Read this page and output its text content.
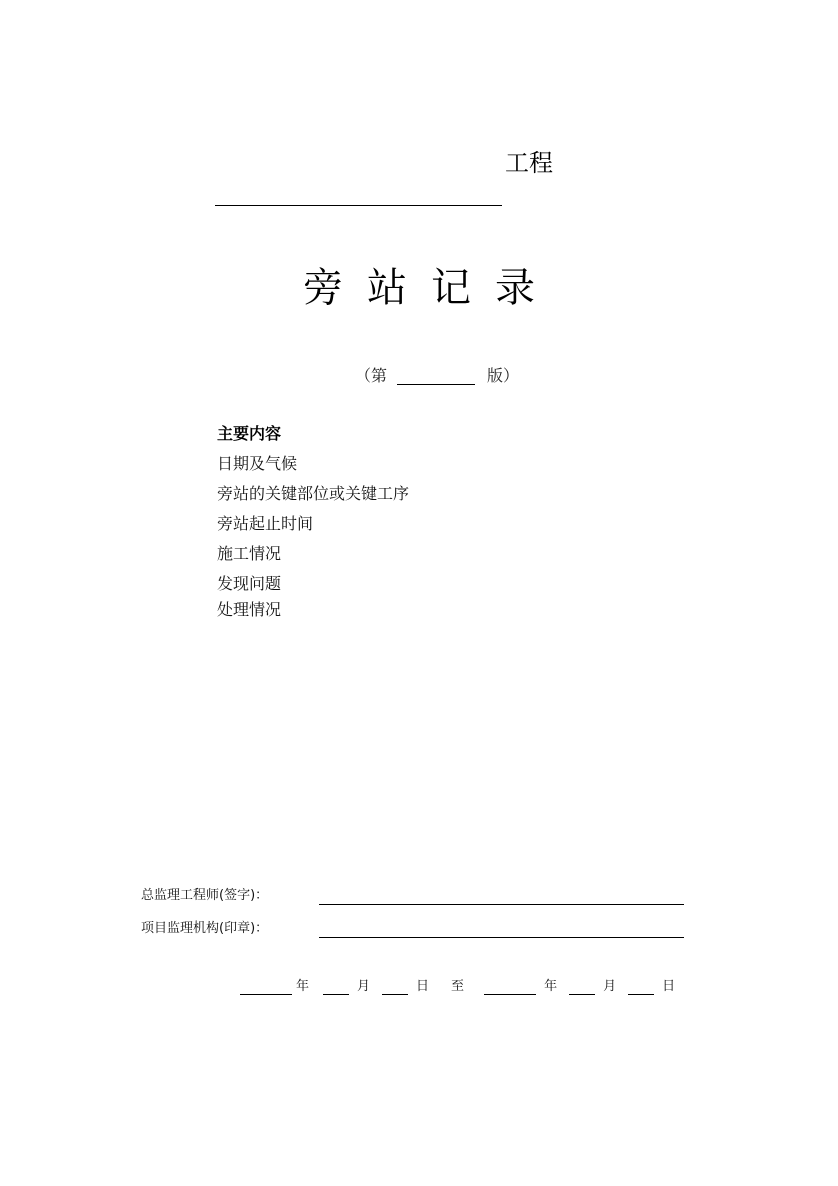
工程
旁 站 记 录
（第	版）
主要内容
日期及气候
旁站的关键部位或关键工序
旁站起止时间
施工情况
发现问题
处理情况
总监理工程师(签字)：
项目监理机构(印章)：
年	月	日 至	年	月	日
